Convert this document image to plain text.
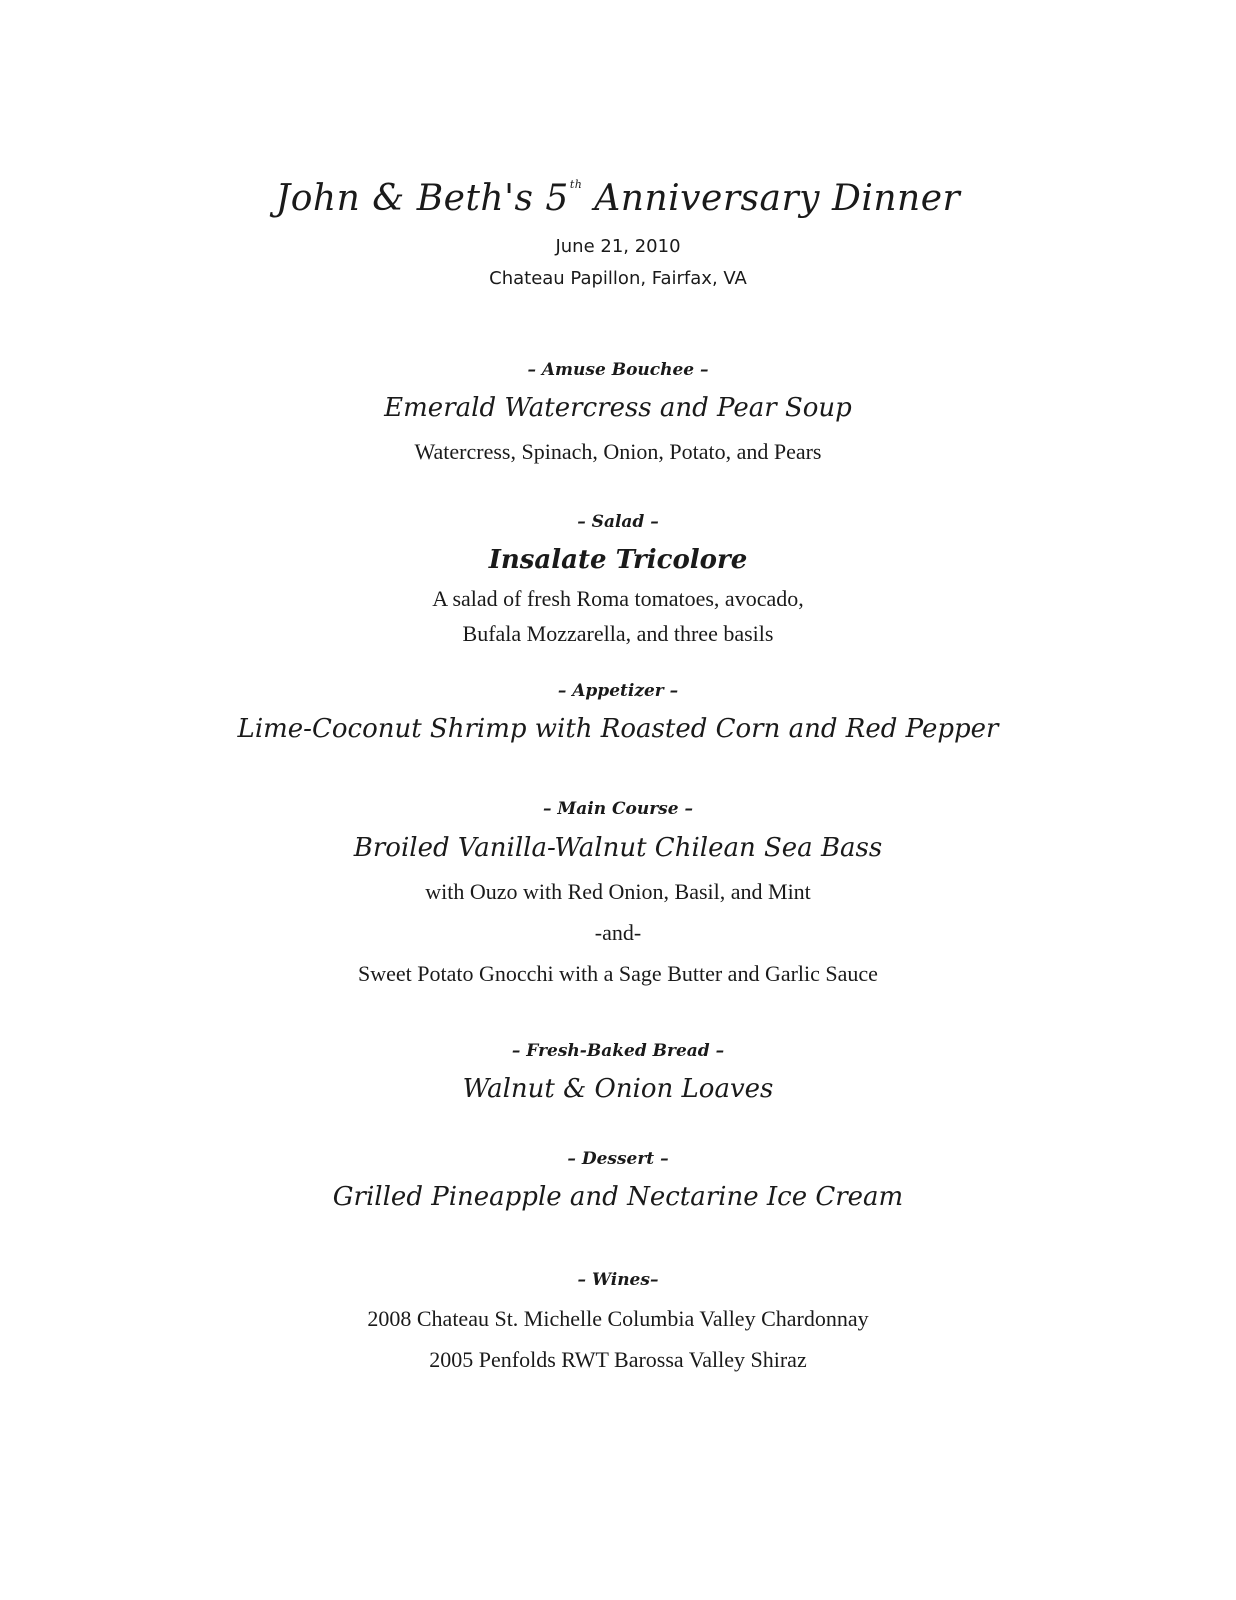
John & Beth's 5th Anniversary Dinner
June 21, 2010
Chateau Papillon, Fairfax, VA
– Amuse Bouchee –
Emerald Watercress and Pear Soup
Watercress, Spinach, Onion, Potato, and Pears
– Salad –
Insalate Tricolore
A salad of fresh Roma tomatoes, avocado,
Bufala Mozzarella, and three basils
– Appetizer –
Lime-Coconut Shrimp with Roasted Corn and Red Pepper
– Main Course –
Broiled Vanilla-Walnut Chilean Sea Bass
with Ouzo with Red Onion, Basil, and Mint
-and-
Sweet Potato Gnocchi with a Sage Butter and Garlic Sauce
– Fresh-Baked Bread –
Walnut & Onion Loaves
– Dessert –
Grilled Pineapple and Nectarine Ice Cream
– Wines–
2008 Chateau St. Michelle Columbia Valley Chardonnay
2005 Penfolds RWT Barossa Valley Shiraz
